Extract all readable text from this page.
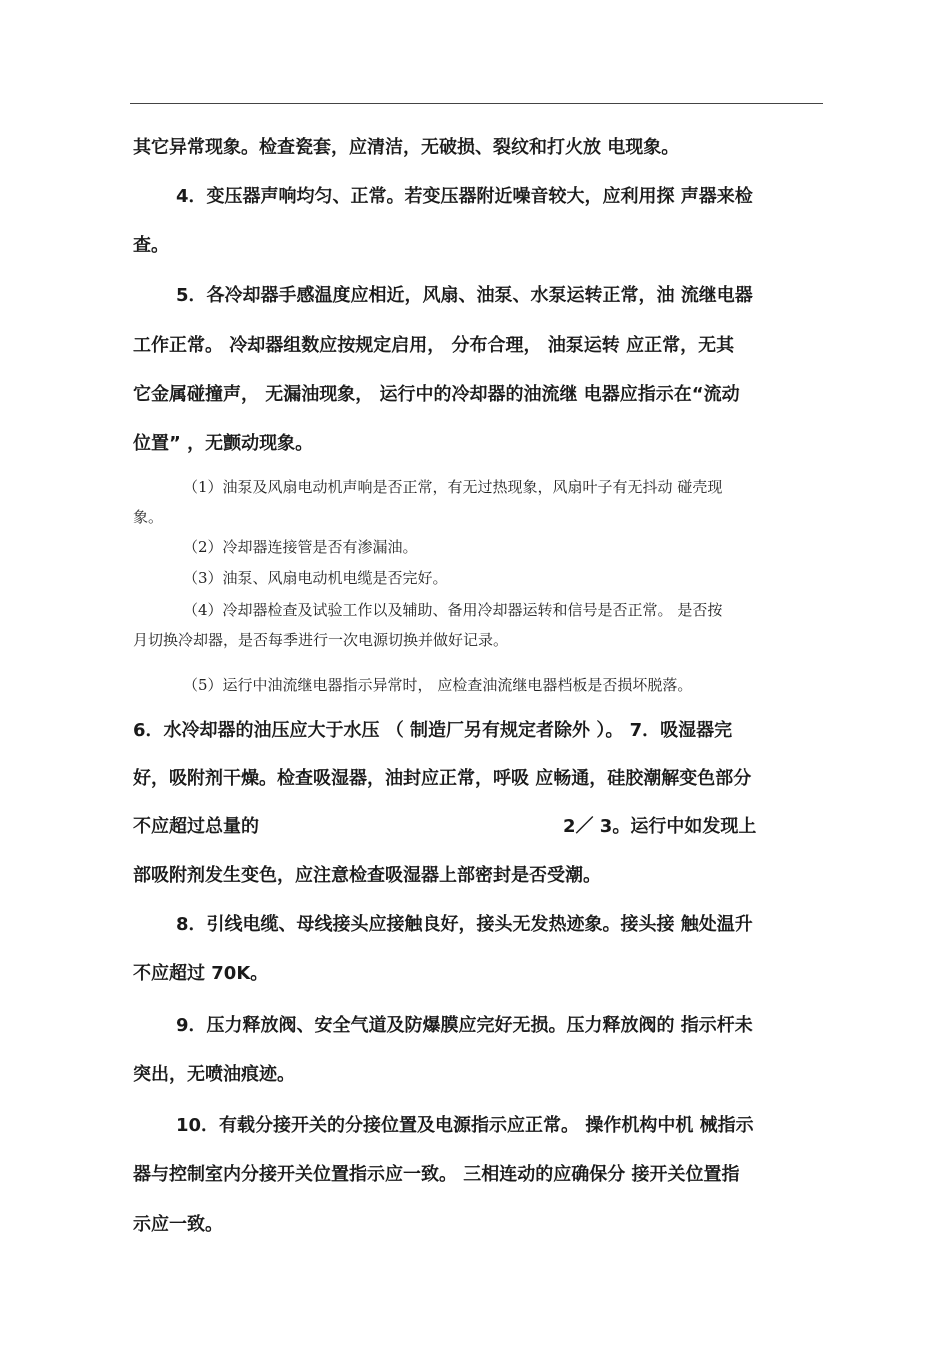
其它异常现象。检查瓷套，应清洁，无破损、裂纹和打火放 电现象。
4．变压器声响均匀、正常。若变压器附近噪音较大，应利用探 声器来检
查。
5．各冷却器手感温度应相近，风扇、油泵、水泵运转正常，油 流继电器
工作正常。 冷却器组数应按规定启用， 分布合理， 油泵运转 应正常，无其
它金属碰撞声， 无漏油现象， 运行中的冷却器的油流继 电器应指示在“流动
位置” ，无颤动现象。
（1）油泵及风扇电动机声响是否正常，有无过热现象，风扇叶子有无抖动 碰壳现
象。
（2）冷却器连接管是否有渗漏油。
（3）油泵、风扇电动机电缆是否完好。
（4）冷却器检查及试验工作以及辅助、备用冷却器运转和信号是否正常。 是否按
月切换冷却器，是否每季进行一次电源切换并做好记录。
（5）运行中油流继电器指示异常时， 应检查油流继电器档板是否损坏脱落。
6．水冷却器的油压应大于水压 （ 制造厂另有规定者除外 ）。 7．吸湿器完
好，吸附剂干燥。检查吸湿器，油封应正常，呼吸 应畅通，硅胶潮解变色部分
不应超过总量的	2／ 3。运行中如发现上
部吸附剂发生变色，应注意检查吸湿器上部密封是否受潮。
8．引线电缆、母线接头应接触良好，接头无发热迹象。接头接 触处温升
不应超过 70K。
9．压力释放阀、安全气道及防爆膜应完好无损。压力释放阀的 指示杆未
突出，无喷油痕迹。
10．有载分接开关的分接位置及电源指示应正常。 操作机构中机 械指示
器与控制室内分接开关位置指示应一致。 三相连动的应确保分 接开关位置指
示应一致。
